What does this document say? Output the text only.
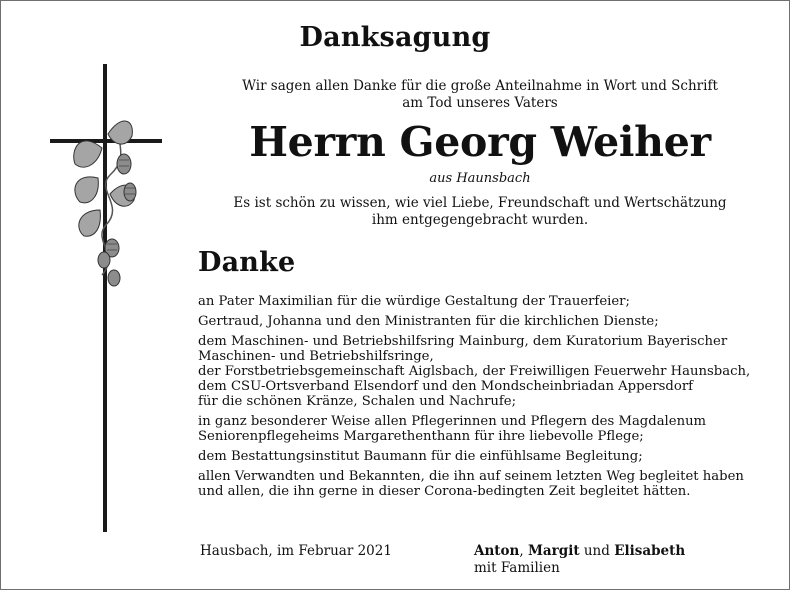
Danksagung
Wir sagen allen Danke für die große Anteilnahme in Wort und Schrift
am Tod unseres Vaters
Herrn Georg Weiher
aus Haunsbach
Es ist schön zu wissen, wie viel Liebe, Freundschaft und Wertschätzung
ihm entgegengebracht wurden.
Danke

an Pater Maximilian für die würdige Gestaltung der Trauerfeier;

Gertraud, Johanna und den Ministranten für die kirchlichen Dienste;

dem Maschinen- und Betriebshilfsring Mainburg, dem Kuratorium Bayerischer
Maschinen- und Betriebshilfsringe,
der Forstbetriebsgemeinschaft Aiglsbach, der Freiwilligen Feuerwehr Haunsbach,
dem CSU-Ortsverband Elsendorf und den Mondscheinbriadan Appersdorf
für die schönen Kränze, Schalen und Nachrufe;

in ganz besonderer Weise allen Pflegerinnen und Pflegern des Magdalenum
Seniorenpflegeheims Margarethenthann für ihre liebevolle Pflege;

dem Bestattungsinstitut Baumann für die einfühlsame Begleitung;

allen Verwandten und Bekannten, die ihn auf seinem letzten Weg begleitet haben
und allen, die ihn gerne in dieser Corona-bedingten Zeit begleitet hätten.

Hausbach, im Februar 2021	Anton, Margit und Elisabeth
mit Familien
